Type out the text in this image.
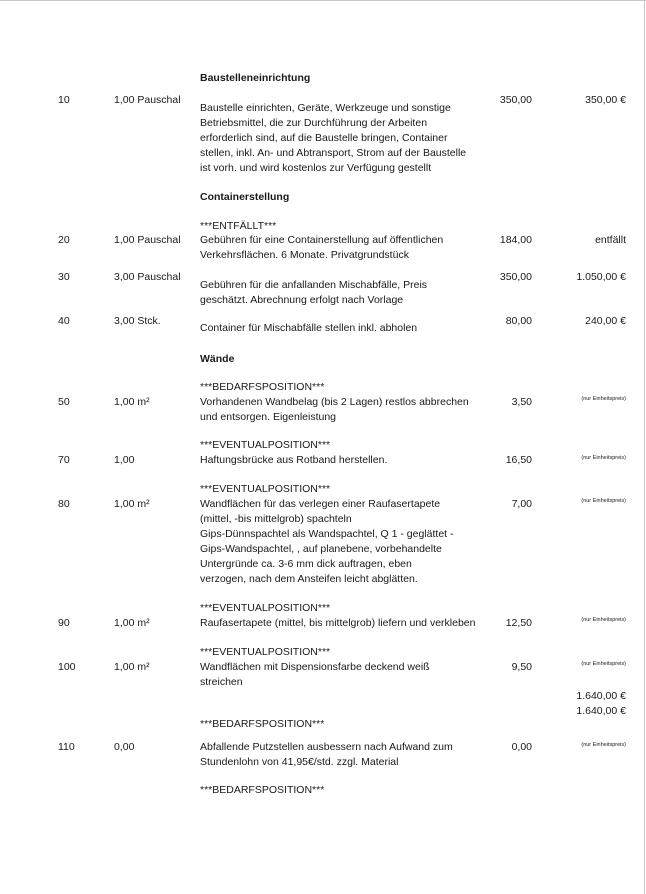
Baustelleneinrichtung
10	1,00 Pauschal
Baustelle einrichten, Geräte, Werkzeuge und sonstige
Betriebsmittel, die zur Durchführung der Arbeiten
erforderlich sind, auf die Baustelle bringen, Container
stellen, inkl. An- und Abtransport, Strom auf der Baustelle
ist vorh. und wird kostenlos zur Verfügung gestellt
350,00	350,00 €
Containerstellung
***ENTFÄLLT***
20	1,00 Pauschal Gebühren für eine Containerstellung auf öffentlichen
Verkehrsflächen. 6 Monate. Privatgrundstück
184,00	entfällt
30	3,00 Pauschal
Gebühren für die anfallanden Mischabfälle, Preis
geschätzt. Abrechnung erfolgt nach Vorlage
350,00	1.050,00 €
40	3,00 Stck.
Container für Mischabfälle stellen inkl. abholen
80,00	240,00 €
Wände
***BEDARFSPOSITION***
50	1,00 m²	Vorhandenen Wandbelag (bis 2 Lagen) restlos abbrechen
und entsorgen. Eigenleistung
3,50	(nur Einheitspreis)
***EVENTUALPOSITION***
70	1,00	Haftungsbrücke aus Rotband herstellen.	16,50	(nur Einheitspreis)
***EVENTUALPOSITION***
80	1,00 m²	Wandflächen für das verlegen einer Raufasertapete
(mittel, -bis mittelgrob) spachteln
Gips-Dünnspachtel als Wandspachtel, Q 1 - geglättet -
Gips-Wandspachtel, , auf planebene, vorbehandelte
Untergründe ca. 3-6 mm dick auftragen, eben
verzogen, nach dem Ansteifen leicht abglätten.
7,00	(nur Einheitspreis)
***EVENTUALPOSITION***
90	1,00 m²	Raufasertapete (mittel, bis mittelgrob) liefern und verkleben	12,50	(nur Einheitspreis)
***EVENTUALPOSITION***
100	1,00 m²	Wandflächen mit Dispensionsfarbe deckend weiß
streichen
9,50	(nur Einheitspreis)
1.640,00 €
1.640,00 €
***BEDARFSPOSITION***
110	0,00	Abfallende Putzstellen ausbessern nach Aufwand zum
Stundenlohn von 41,95€/std. zzgl. Material
0,00	(nur Einheitspreis)
***BEDARFSPOSITION***
